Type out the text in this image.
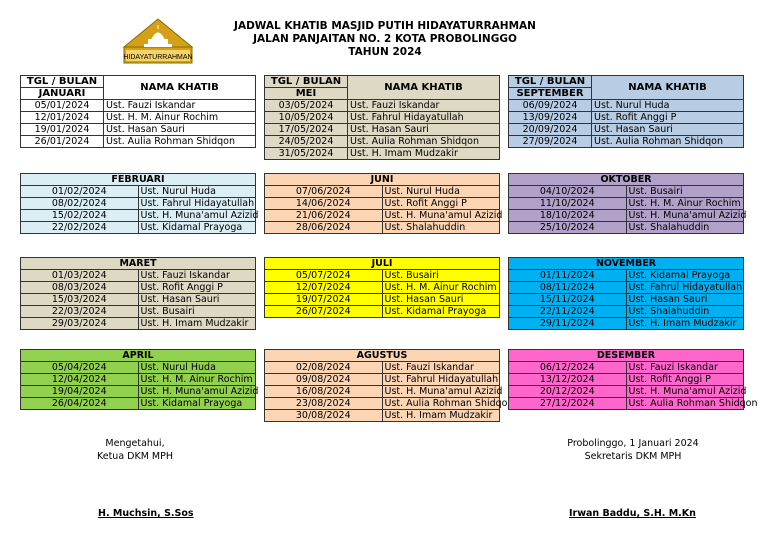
HIDAYATURRAHMAN
JADWAL KHATIB MASJID PUTIH HIDAYATURRAHMAN
JALAN PANJAITAN NO. 2 KOTA PROBOLINGGO
TAHUN 2024
TGL / BULAN	NAMA KHATIB
JANUARI	
05/01/2024	Ust. Fauzi Iskandar
12/01/2024	Ust. H. M. Ainur Rochim
19/01/2024	Ust. Hasan Sauri
26/01/2024	Ust. Aulia Rohman Shidqon
FEBRUARI	
01/02/2024	Ust. Nurul Huda
08/02/2024	Ust. Fahrul Hidayatullah
15/02/2024	Ust. H. Muna'amul Azizid
22/02/2024	Ust. Kidamal Prayoga
MARET	
01/03/2024	Ust. Fauzi Iskandar
08/03/2024	Ust. Rofit Anggi P
15/03/2024	Ust. Hasan Sauri
22/03/2024	Ust. Busairi
29/03/2024	Ust. H. Imam Mudzakir
APRIL	
05/04/2024	Ust. Nurul Huda
12/04/2024	Ust. H. M. Ainur Rochim
19/04/2024	Ust. H. Muna'amul Azizid
26/04/2024	Ust. Kidamal Prayoga
TGL / BULAN	NAMA KHATIB
MEI	
03/05/2024	Ust. Fauzi Iskandar
10/05/2024	Ust. Fahrul Hidayatullah
17/05/2024	Ust. Hasan Sauri
24/05/2024	Ust. Aulia Rohman Shidqon
31/05/2024	Ust. H. Imam Mudzakir
JUNI	
07/06/2024	Ust. Nurul Huda
14/06/2024	Ust. Rofit Anggi P
21/06/2024	Ust. H. Muna'amul Azizid
28/06/2024	Ust. Shalahuddin
JULI	
05/07/2024	Ust. Busairi
12/07/2024	Ust. H. M. Ainur Rochim
19/07/2024	Ust. Hasan Sauri
26/07/2024	Ust. Kidamal Prayoga
AGUSTUS	
02/08/2024	Ust. Fauzi Iskandar
09/08/2024	Ust. Fahrul Hidayatullah
16/08/2024	Ust. H. Muna'amul Azizid
23/08/2024	Ust. Aulia Rohman Shidqon
30/08/2024	Ust. H. Imam Mudzakir
TGL / BULAN	NAMA KHATIB
SEPTEMBER	
06/09/2024	Ust. Nurul Huda
13/09/2024	Ust. Rofit Anggi P
20/09/2024	Ust. Hasan Sauri
27/09/2024	Ust. Aulia Rohman Shidqon
OKTOBER	
04/10/2024	Ust. Busairi
11/10/2024	Ust. H. M. Ainur Rochim
18/10/2024	Ust. H. Muna'amul Azizid
25/10/2024	Ust. Shalahuddin
NOVEMBER	
01/11/2024	Ust. Kidamal Prayoga
08/11/2024	Ust. Fahrul Hidayatullah
15/11/2024	Ust. Hasan Sauri
22/11/2024	Ust. Shalahuddin
29/11/2024	Ust. H. Imam Mudzakir
DESEMBER	
06/12/2024	Ust. Fauzi Iskandar
13/12/2024	Ust. Rofit Anggi P
20/12/2024	Ust. H. Muna'amul Azizid
27/12/2024	Ust. Aulia Rohman Shidqon
Mengetahui,
Ketua DKM MPH
H. Muchsin, S.Sos
Probolinggo, 1 Januari 2024
Sekretaris DKM MPH
Irwan Baddu, S.H. M.Kn
